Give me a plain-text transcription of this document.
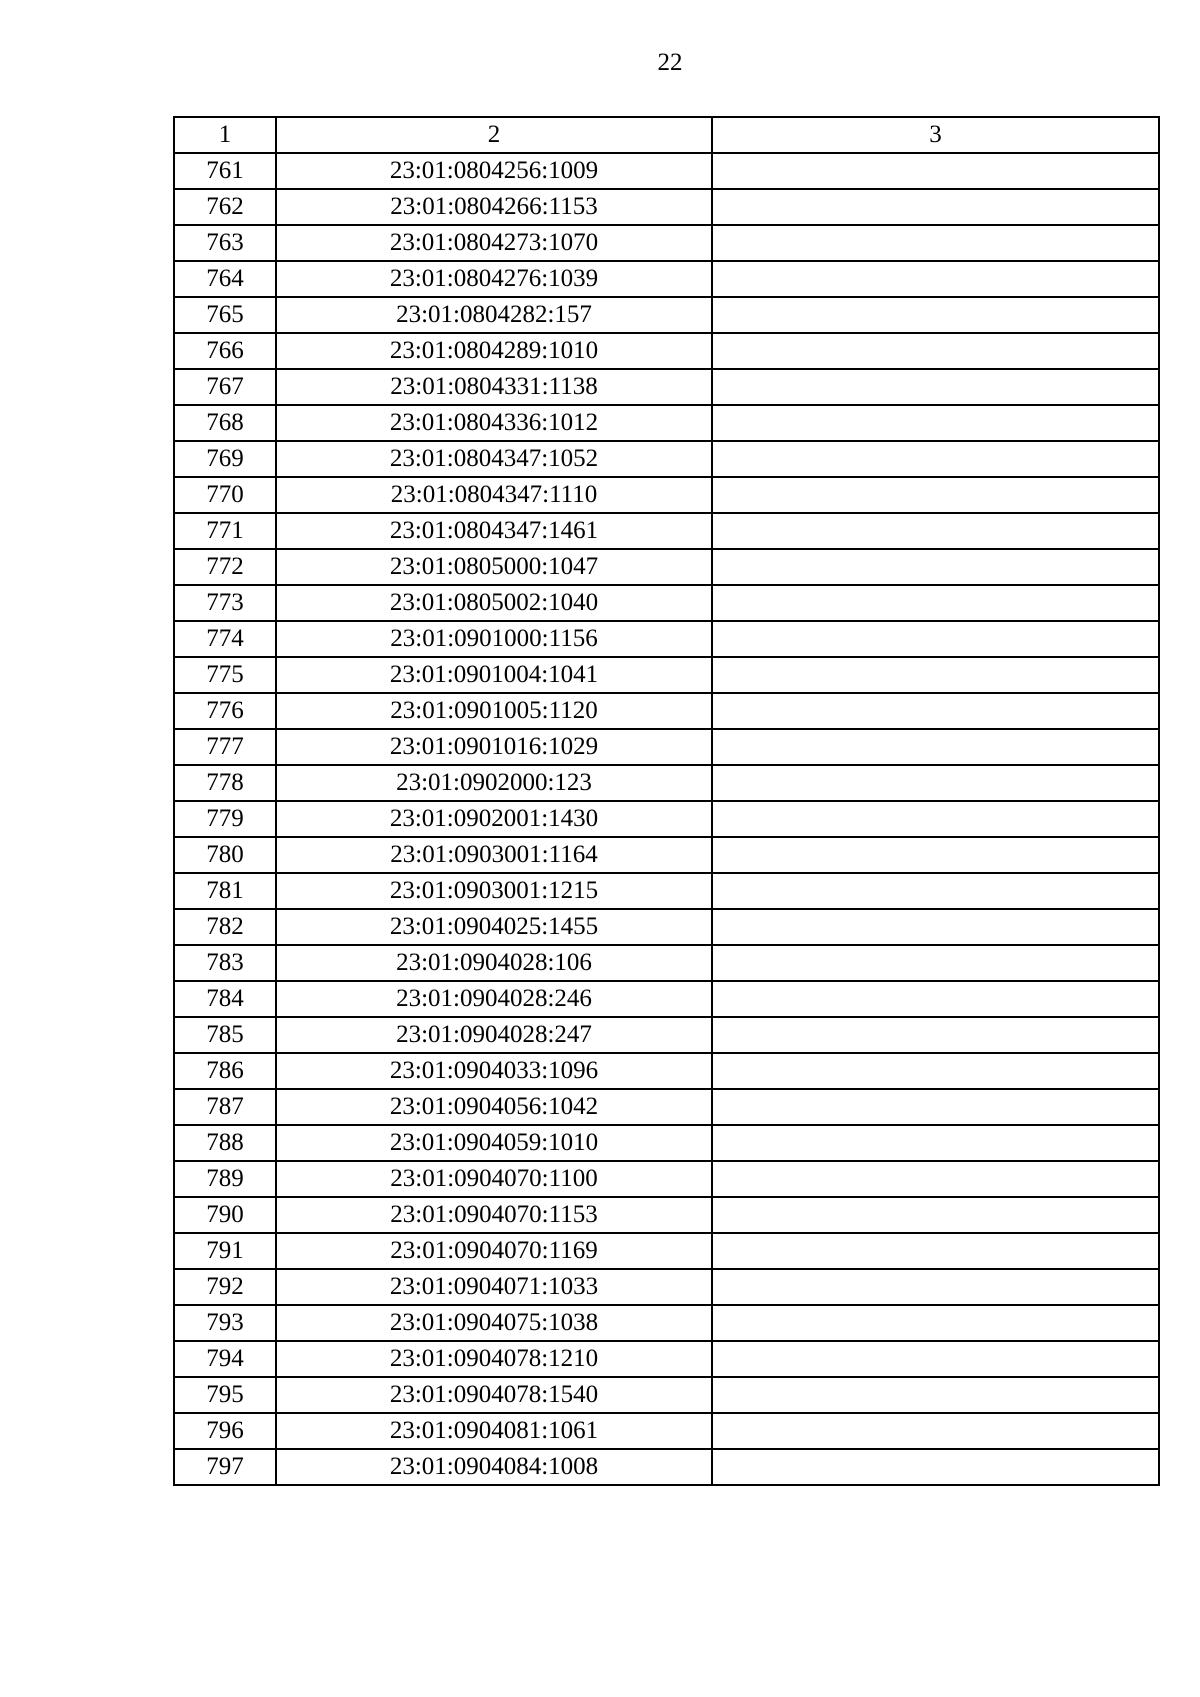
22
1	2	3
761	23:01:0804256:1009	
762	23:01:0804266:1153	
763	23:01:0804273:1070	
764	23:01:0804276:1039	
765	23:01:0804282:157	
766	23:01:0804289:1010	
767	23:01:0804331:1138	
768	23:01:0804336:1012	
769	23:01:0804347:1052	
770	23:01:0804347:1110	
771	23:01:0804347:1461	
772	23:01:0805000:1047	
773	23:01:0805002:1040	
774	23:01:0901000:1156	
775	23:01:0901004:1041	
776	23:01:0901005:1120	
777	23:01:0901016:1029	
778	23:01:0902000:123	
779	23:01:0902001:1430	
780	23:01:0903001:1164	
781	23:01:0903001:1215	
782	23:01:0904025:1455	
783	23:01:0904028:106	
784	23:01:0904028:246	
785	23:01:0904028:247	
786	23:01:0904033:1096	
787	23:01:0904056:1042	
788	23:01:0904059:1010	
789	23:01:0904070:1100	
790	23:01:0904070:1153	
791	23:01:0904070:1169	
792	23:01:0904071:1033	
793	23:01:0904075:1038	
794	23:01:0904078:1210	
795	23:01:0904078:1540	
796	23:01:0904081:1061	
797	23:01:0904084:1008	
